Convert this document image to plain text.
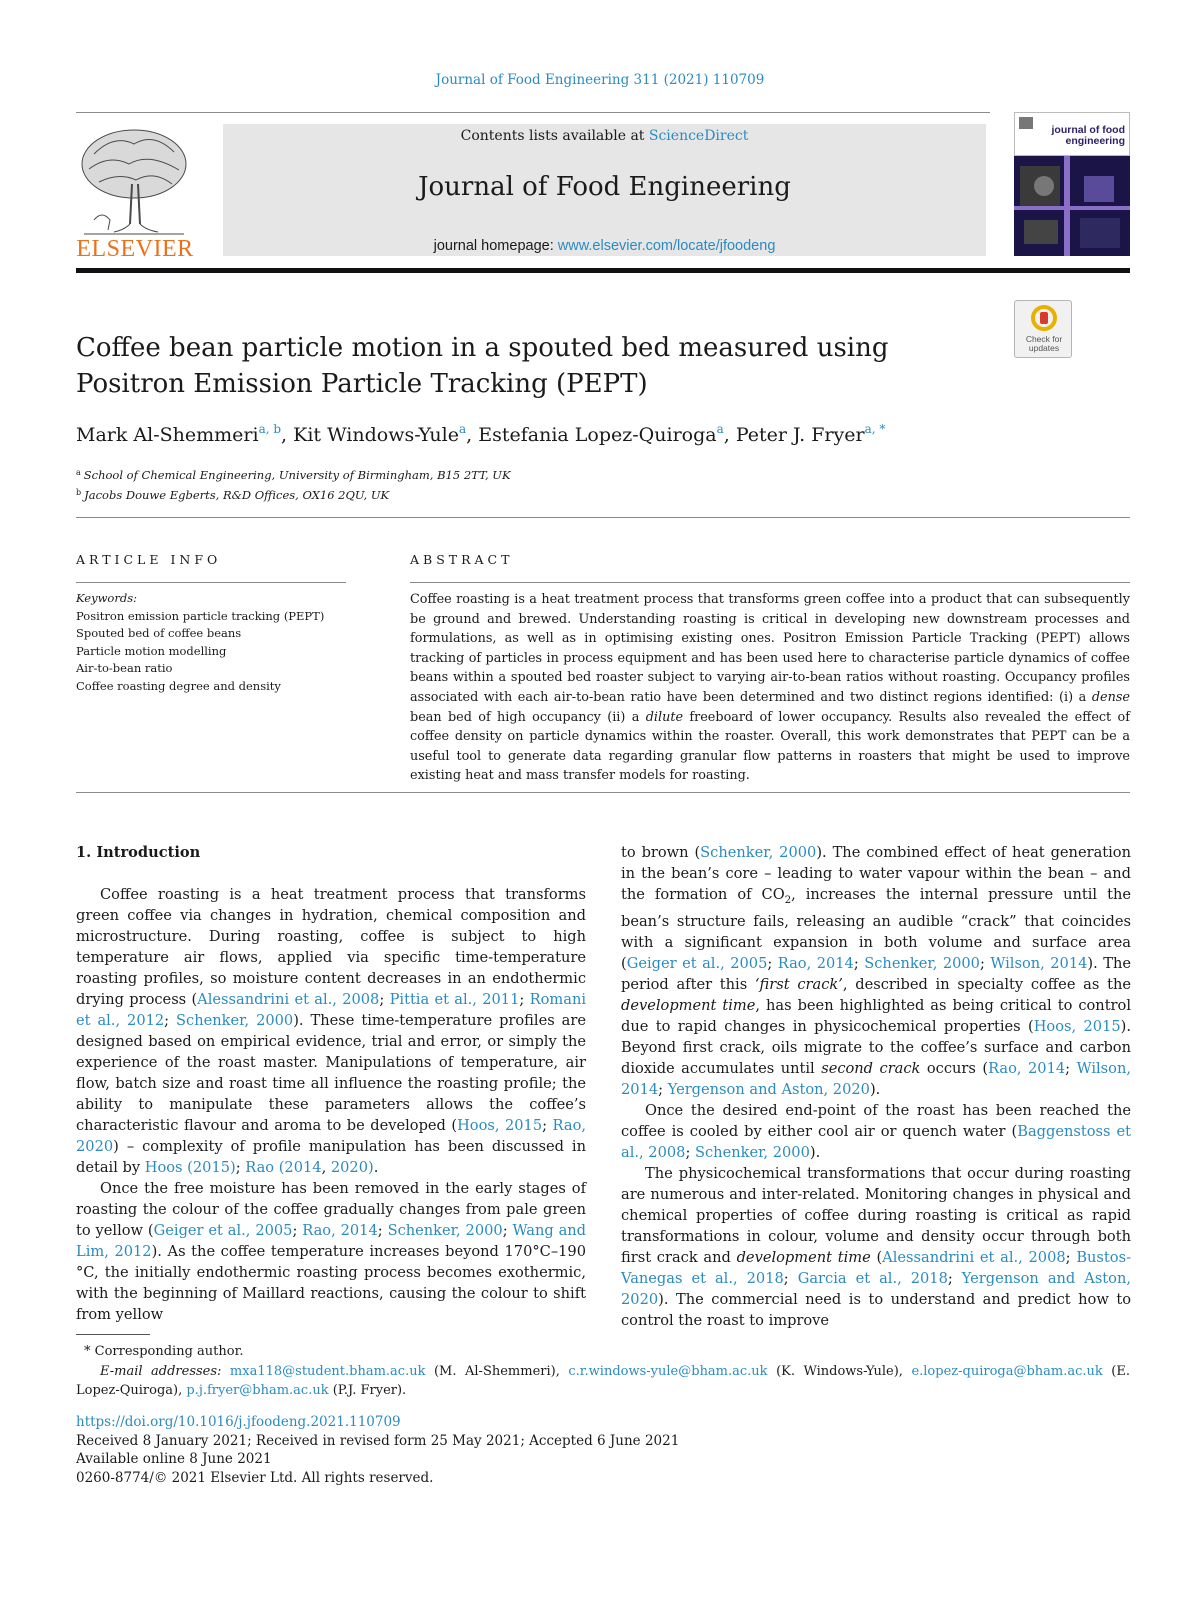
Journal of Food Engineering 311 (2021) 110709
ELSEVIER
Contents lists available at ScienceDirect
Journal of Food Engineering
journal homepage: www.elsevier.com/locate/jfoodeng
journal of food engineering
Coffee bean particle motion in a spouted bed measured using Positron Emission Particle Tracking (PEPT)
Check for updates
Mark Al-Shemmeri$^{a, b}$, Kit Windows-Yule$^a$, Estefania Lopez-Quiroga$^a$, Peter J. Fryer$^{a, *}$
$^a$ School of Chemical Engineering, University of Birmingham, B15 2TT, UK
$^b$ Jacobs Douwe Egberts, R&D Offices, OX16 2QU, UK
ARTICLE INFO	ABSTRACT
Keywords:
Positron emission particle tracking (PEPT)
Spouted bed of coffee beans
Particle motion modelling
Air-to-bean ratio
Coffee roasting degree and density
Coffee roasting is a heat treatment process that transforms green coffee into a product that can subsequently be ground and brewed. Understanding roasting is critical in developing new downstream processes and formulations, as well as in optimising existing ones. Positron Emission Particle Tracking (PEPT) allows tracking of particles in process equipment and has been used here to characterise particle dynamics of coffee beans within a spouted bed roaster subject to varying air-to-bean ratios without roasting. Occupancy profiles associated with each air-to-bean ratio have been determined and two distinct regions identified: (i) a dense bean bed of high occupancy (ii) a dilute freeboard of lower occupancy. Results also revealed the effect of coffee density on particle dynamics within the roaster. Overall, this work demonstrates that PEPT can be a useful tool to generate data regarding granular flow patterns in roasters that might be used to improve existing heat and mass transfer models for roasting.
1. Introduction
Coffee roasting is a heat treatment process that transforms green coffee via changes in hydration, chemical composition and microstructure. During roasting, coffee is subject to high temperature air flows, applied via specific time-temperature roasting profiles, so moisture content decreases in an endothermic drying process (Alessandrini et al., 2008; Pittia et al., 2011; Romani et al., 2012; Schenker, 2000). These time-temperature profiles are designed based on empirical evidence, trial and error, or simply the experience of the roast master. Manipulations of temperature, air flow, batch size and roast time all influence the roasting profile; the ability to manipulate these parameters allows the coffee’s characteristic flavour and aroma to be developed (Hoos, 2015; Rao, 2020) – complexity of profile manipulation has been discussed in detail by Hoos (2015); Rao (2014, 2020).
Once the free moisture has been removed in the early stages of roasting the colour of the coffee gradually changes from pale green to yellow (Geiger et al., 2005; Rao, 2014; Schenker, 2000; Wang and Lim, 2012). As the coffee temperature increases beyond 170°C–190 °C, the initially endothermic roasting process becomes exothermic, with the beginning of Maillard reactions, causing the colour to shift from yellow
to brown (Schenker, 2000). The combined effect of heat generation in the bean’s core – leading to water vapour within the bean – and the formation of $CO_2$, increases the internal pressure until the bean’s structure fails, releasing an audible “crack” that coincides with a significant expansion in both volume and surface area (Geiger et al., 2005; Rao, 2014; Schenker, 2000; Wilson, 2014). The period after this ‘first crack’, described in specialty coffee as the development time, has been highlighted as being critical to control due to rapid changes in physicochemical properties (Hoos, 2015). Beyond first crack, oils migrate to the coffee’s surface and carbon dioxide accumulates until second crack occurs (Rao, 2014; Wilson, 2014; Yergenson and Aston, 2020).
Once the desired end-point of the roast has been reached the coffee is cooled by either cool air or quench water (Baggenstoss et al., 2008; Schenker, 2000).
The physicochemical transformations that occur during roasting are numerous and inter-related. Monitoring changes in physical and chemical properties of coffee during roasting is critical as rapid transformations in colour, volume and density occur through both first crack and development time (Alessandrini et al., 2008; Bustos-Vanegas et al., 2018; Garcia et al., 2018; Yergenson and Aston, 2020). The commercial need is to understand and predict how to control the roast to improve
* Corresponding author.
E-mail addresses: mxa118@student.bham.ac.uk (M. Al-Shemmeri), c.r.windows-yule@bham.ac.uk (K. Windows-Yule), e.lopez-quiroga@bham.ac.uk (E. Lopez-Quiroga), p.j.fryer@bham.ac.uk (P.J. Fryer).
https://doi.org/10.1016/j.jfoodeng.2021.110709
Received 8 January 2021; Received in revised form 25 May 2021; Accepted 6 June 2021
Available online 8 June 2021
0260-8774/© 2021 Elsevier Ltd. All rights reserved.
